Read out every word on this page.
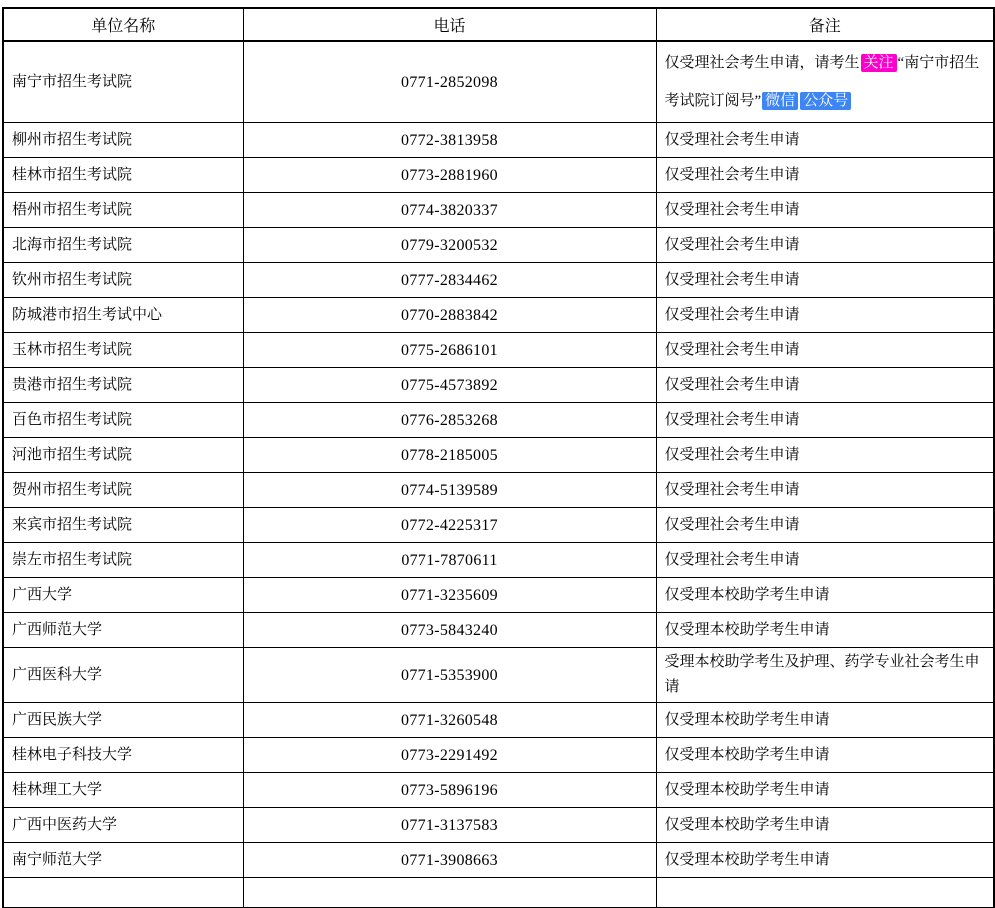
单位名称	电话	备注
南宁市招生考试院	0771-2852098	仅受理社会考生申请，请考生 关注 “南宁市招生考试院订阅号” 微信 公众号
柳州市招生考试院	0772-3813958	仅受理社会考生申请
桂林市招生考试院	0773-2881960	仅受理社会考生申请
梧州市招生考试院	0774-3820337	仅受理社会考生申请
北海市招生考试院	0779-3200532	仅受理社会考生申请
钦州市招生考试院	0777-2834462	仅受理社会考生申请
防城港市招生考试中心	0770-2883842	仅受理社会考生申请
玉林市招生考试院	0775-2686101	仅受理社会考生申请
贵港市招生考试院	0775-4573892	仅受理社会考生申请
百色市招生考试院	0776-2853268	仅受理社会考生申请
河池市招生考试院	0778-2185005	仅受理社会考生申请
贺州市招生考试院	0774-5139589	仅受理社会考生申请
来宾市招生考试院	0772-4225317	仅受理社会考生申请
崇左市招生考试院	0771-7870611	仅受理社会考生申请
广西大学	0771-3235609	仅受理本校助学考生申请
广西师范大学	0773-5843240	仅受理本校助学考生申请
广西医科大学	0771-5353900	受理本校助学考生及护理、药学专业社会考生申请
广西民族大学	0771-3260548	仅受理本校助学考生申请
桂林电子科技大学	0773-2291492	仅受理本校助学考生申请
桂林理工大学	0773-5896196	仅受理本校助学考生申请
广西中医药大学	0771-3137583	仅受理本校助学考生申请
南宁师范大学	0771-3908663	仅受理本校助学考生申请
